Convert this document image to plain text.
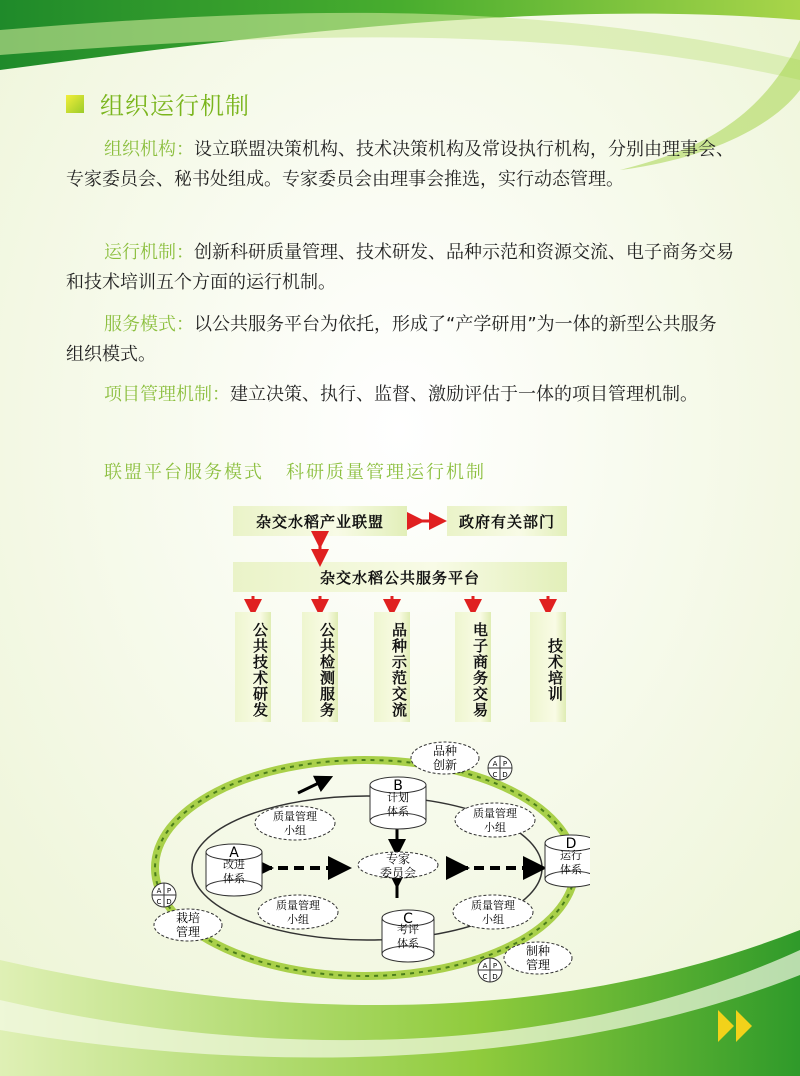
组织运行机制
组织机构：设立联盟决策机构、技术决策机构及常设执行机构，分别由理事会、专家委员会、秘书处组成。专家委员会由理事会推选，实行动态管理。
运行机制：创新科研质量管理、技术研发、品种示范和资源交流、电子商务交易和技术培训五个方面的运行机制。
服务模式：以公共服务平台为依托，形成了“产学研用”为一体的新型公共服务组织模式。
项目管理机制：建立决策、执行、监督、激励评估于一体的项目管理机制。
联盟平台服务模式 科研质量管理运行机制
杂交水稻产业联盟	政府有关部门
杂交水稻公共服务平台
公共技术研发	公共检测服务	品种示范交流	电子商务交易	技术培训
专家委员会
A
改进体系
B
计划体系
C
考评体系
D
运行体系
质量管理小组
质量管理小组
质量管理小组
质量管理小组
品种创新
栽培管理
制种管理
A P
C D
A P
C D
A P
C D
